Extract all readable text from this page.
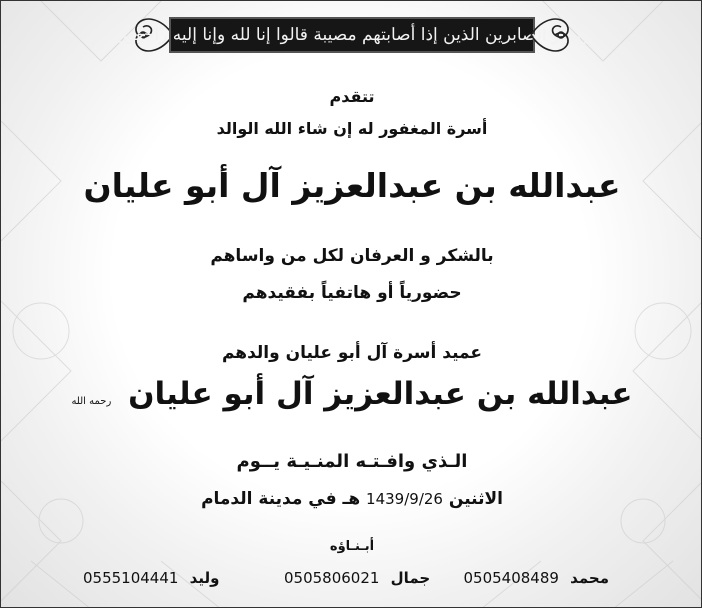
وبشر الصابرين الذين إذا أصابتهم مصيبة قالوا إنا لله وإنا إليه راجعون
تتقدم
أسرة المغفور له إن شاء الله الوالد
عبدالله بن عبدالعزيز آل أبو عليان
بالشكر و العرفان لكل من واساهم
حضورياً أو هاتفياً بفقيدهم
عميد أسرة آل أبو عليان والدهم
عبدالله بن عبدالعزيز آل أبو عليان رحمه الله
الـذي وافـتـه المنـيـة يــوم
الاثنين 1439/9/26 هـ في مدينة الدمام
أبـنـاؤه
محمد 0505408489
جمال 0505806021
وليد 0555104441
